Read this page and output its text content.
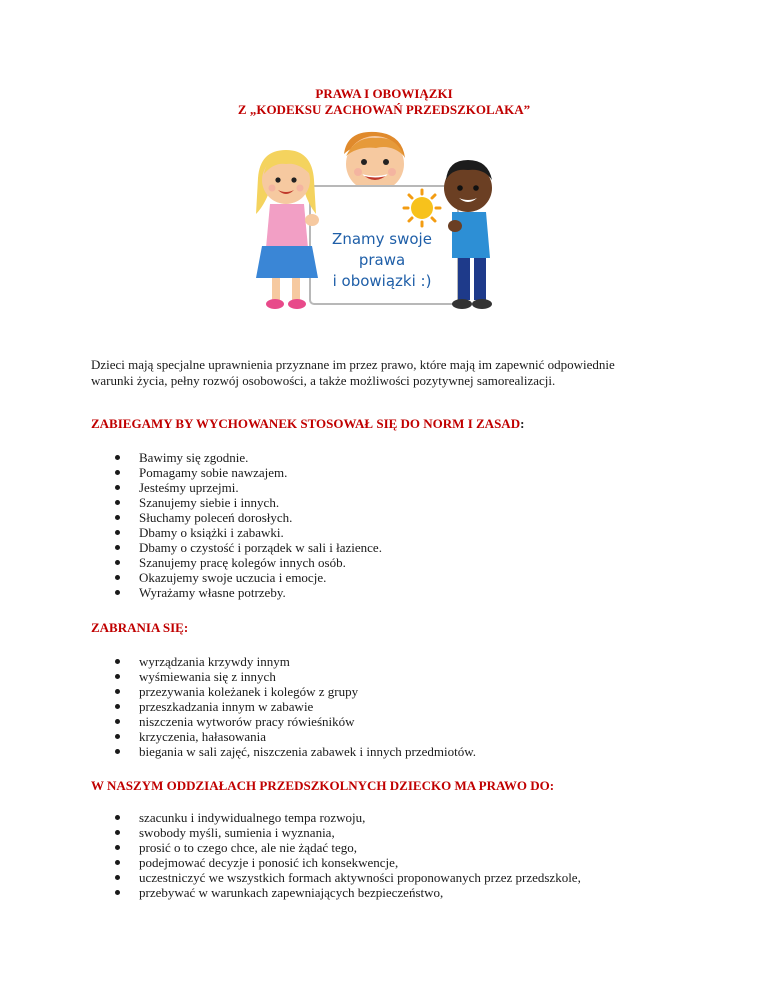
PRAWA I OBOWIĄZKI
Z „KODEKSU ZACHOWAŃ PRZEDSZKOLAKA”
Znamy swoje
prawa
i obowiązki :)
Dzieci mają specjalne uprawnienia przyznane im przez prawo, które mają im zapewnić odpowiednie warunki życia, pełny rozwój osobowości, a także możliwości pozytywnej samorealizacji.
ZABIEGAMY BY WYCHOWANEK STOSOWAŁ SIĘ DO NORM I ZASAD:
Bawimy się zgodnie.
Pomagamy sobie nawzajem.
Jesteśmy uprzejmi.
Szanujemy siebie i innych.
Słuchamy poleceń dorosłych.
Dbamy o książki i zabawki.
Dbamy o czystość i porządek w sali i łazience.
Szanujemy pracę kolegów innych osób.
Okazujemy swoje uczucia i emocje.
Wyrażamy własne potrzeby.
ZABRANIA SIĘ:
wyrządzania krzywdy innym
wyśmiewania się z innych
przezywania koleżanek i kolegów z grupy
przeszkadzania innym w zabawie
niszczenia wytworów pracy rówieśników
krzyczenia, hałasowania
biegania w sali zajęć, niszczenia zabawek i innych przedmiotów.
W NASZYM ODDZIAŁACH PRZEDSZKOLNYCH DZIECKO MA PRAWO DO:
szacunku i indywidualnego tempa rozwoju,
swobody myśli, sumienia i wyznania,
prosić o to czego chce, ale nie żądać tego,
podejmować decyzje i ponosić ich konsekwencje,
uczestniczyć we wszystkich formach aktywności proponowanych przez przedszkole,
przebywać w warunkach zapewniających bezpieczeństwo,
